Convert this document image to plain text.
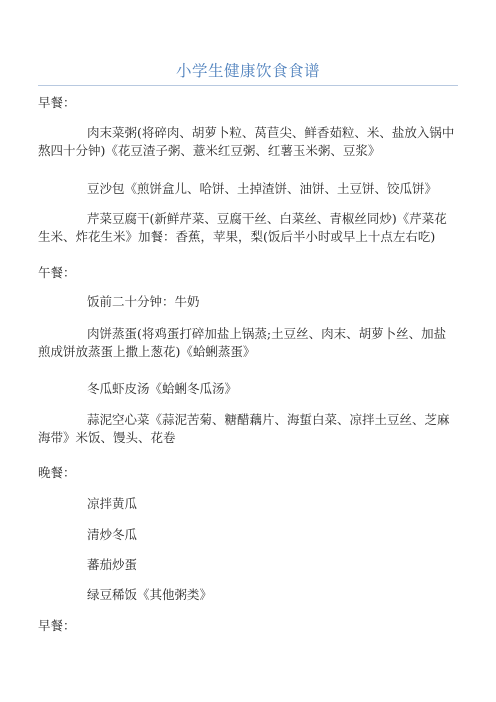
小学生健康饮食食谱

早餐：

肉末菜粥(将碎肉、胡萝卜粒、莴苣尖、鲜香茹粒、米、盐放入锅中熬四十分钟)《花豆渣子粥、薏米红豆粥、红薯玉米粥、豆浆》

豆沙包《煎饼盒儿、哈饼、土掉渣饼、油饼、土豆饼、饺瓜饼》

芹菜豆腐干(新鲜芹菜、豆腐干丝、白菜丝、青椒丝同炒)《芹菜花生米、炸花生米》加餐：香蕉，苹果，梨(饭后半小时或早上十点左右吃)

午餐：

饭前二十分钟：牛奶

肉饼蒸蛋(将鸡蛋打碎加盐上锅蒸;土豆丝、肉末、胡萝卜丝、加盐煎成饼放蒸蛋上撒上葱花)《蛤蜊蒸蛋》

冬瓜虾皮汤《蛤蜊冬瓜汤》

蒜泥空心菜《蒜泥苦菊、糖醋藕片、海蜇白菜、凉拌土豆丝、芝麻海带》米饭、馒头、花卷

晚餐：

凉拌黄瓜

清炒冬瓜

蕃茄炒蛋

绿豆稀饭《其他粥类》

早餐：
